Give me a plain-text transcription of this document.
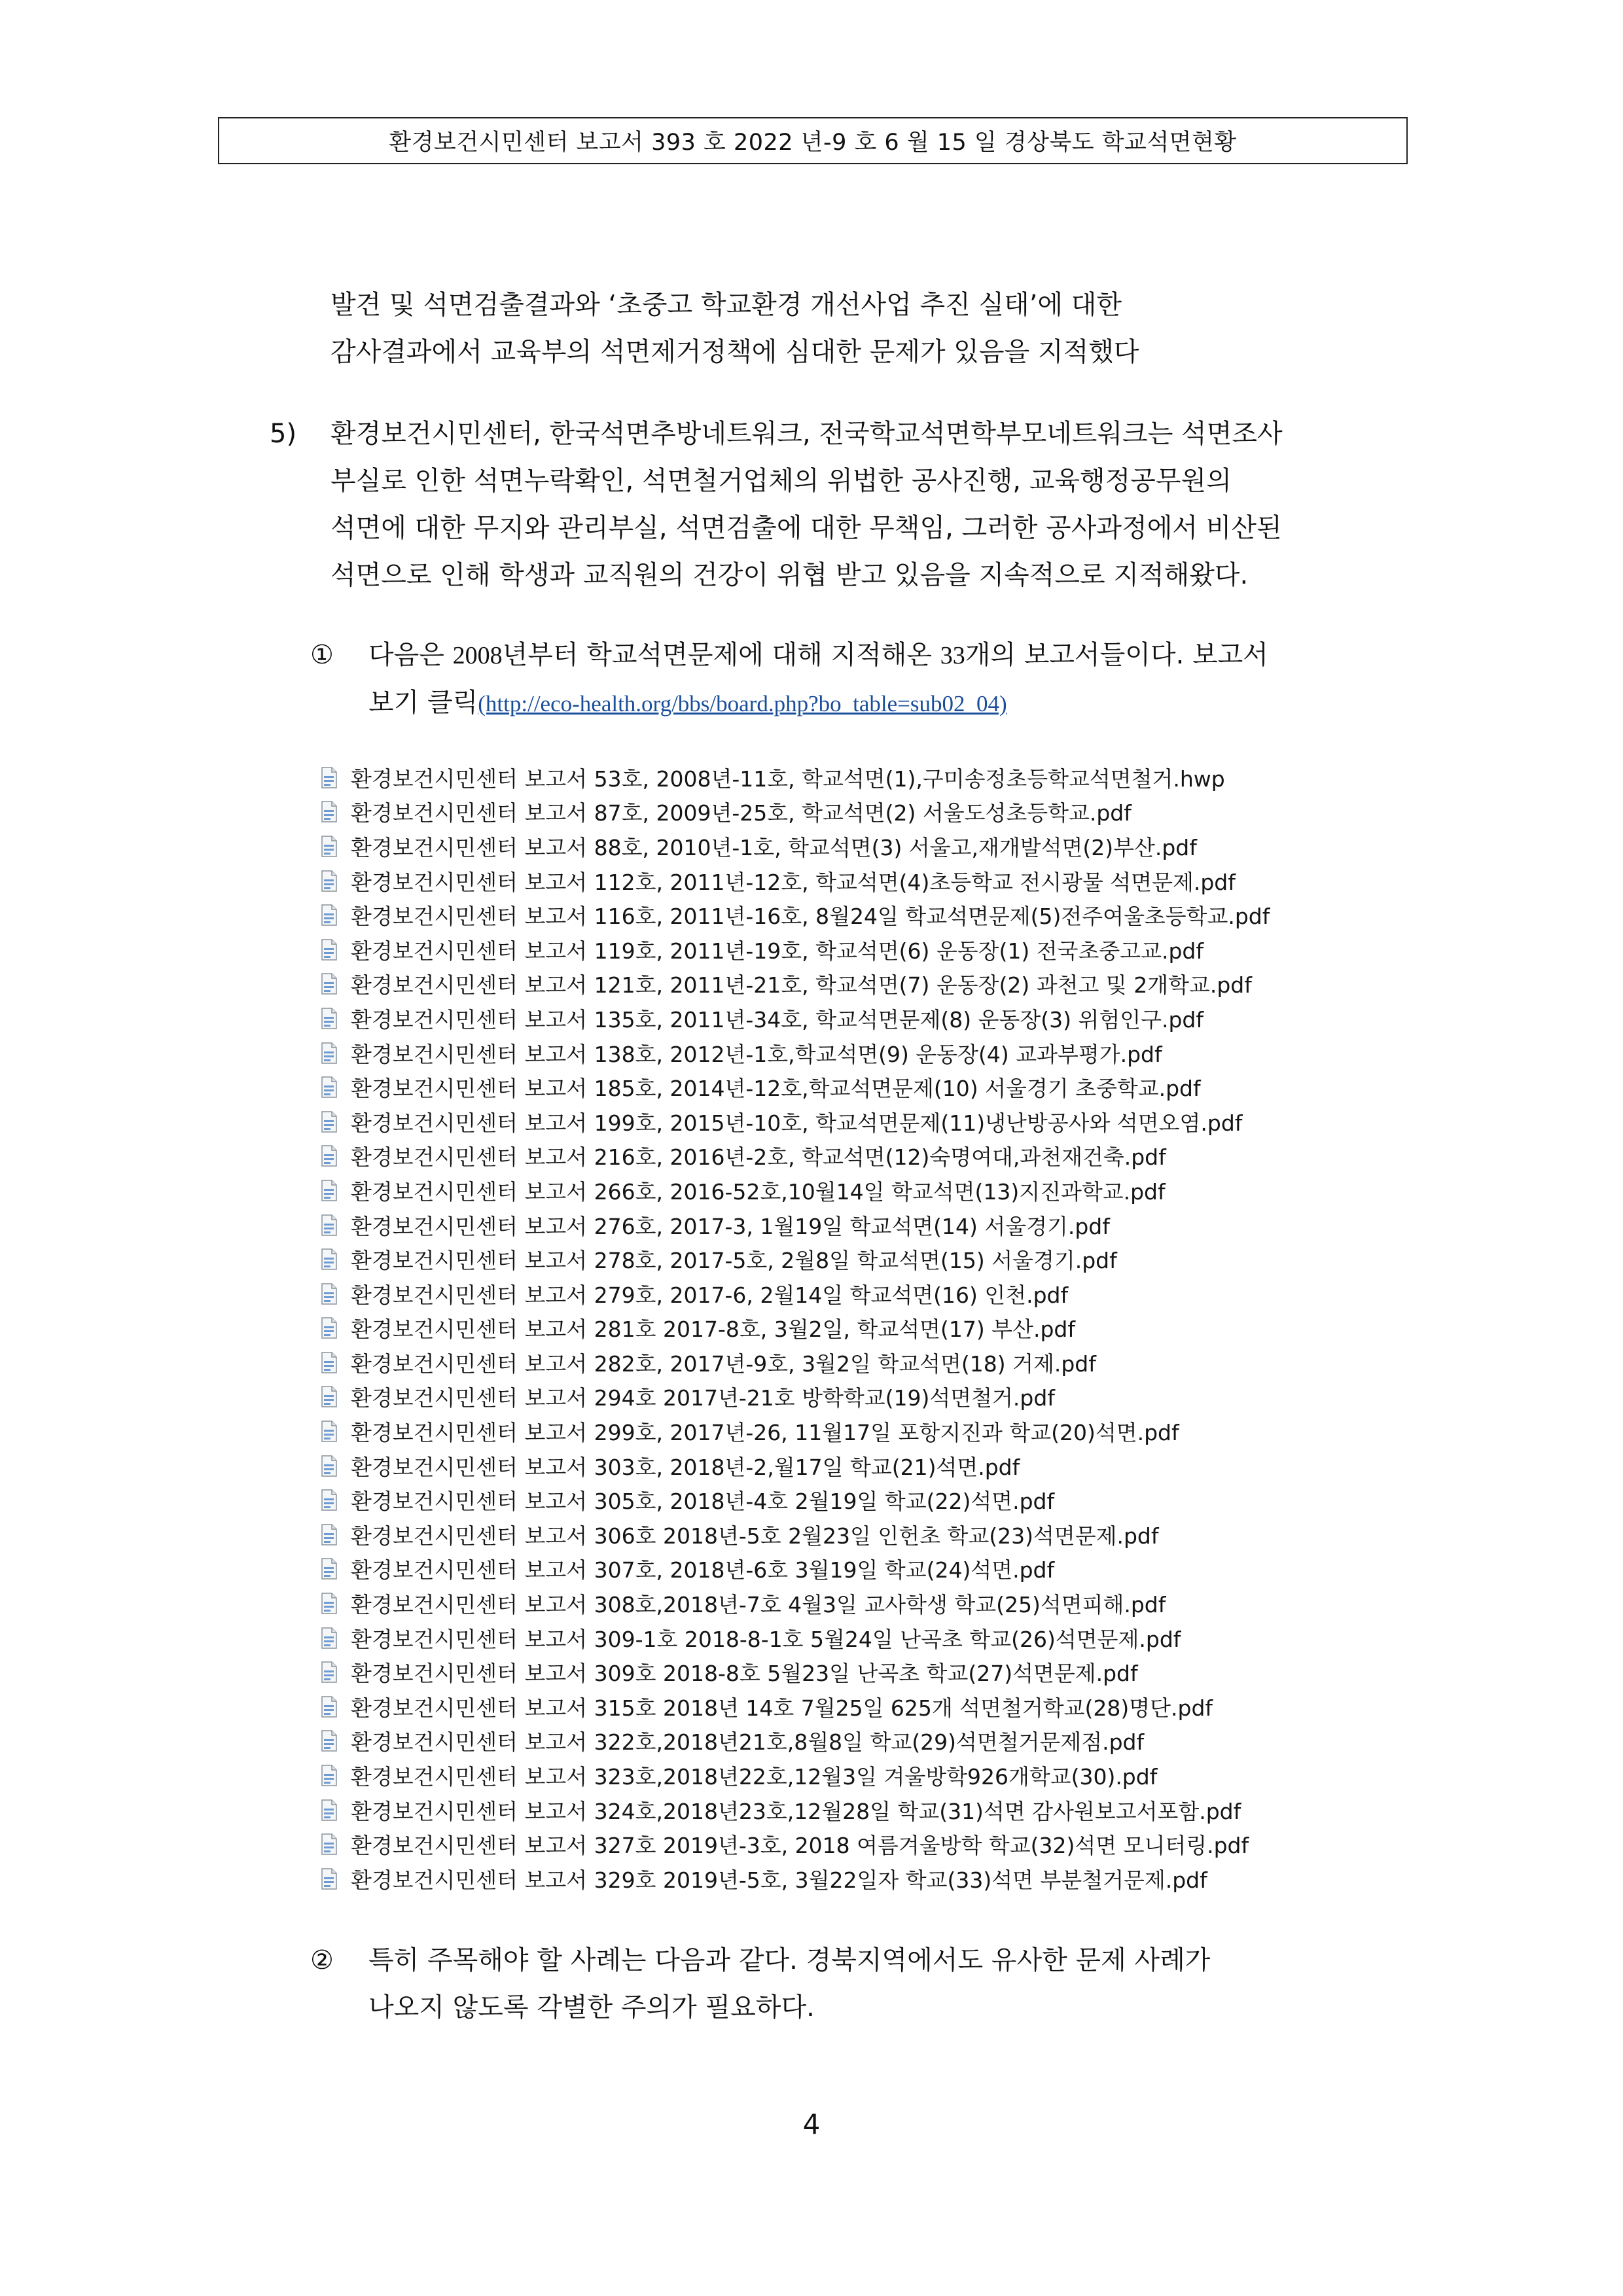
환경보건시민센터 보고서 393 호 2022 년-9 호 6 월 15 일 경상북도 학교석면현황
발견 및 석면검출결과와 ‘초중고 학교환경 개선사업 추진 실태’에 대한
감사결과에서 교육부의 석면제거정책에 심대한 문제가 있음을 지적했다
5) 환경보건시민센터, 한국석면추방네트워크, 전국학교석면학부모네트워크는 석면조사
부실로 인한 석면누락확인, 석면철거업체의 위법한 공사진행, 교육행정공무원의
석면에 대한 무지와 관리부실, 석면검출에 대한 무책임, 그러한 공사과정에서 비산된
석면으로 인해 학생과 교직원의 건강이 위협 받고 있음을 지속적으로 지적해왔다.
① 다음은 2008년부터 학교석면문제에 대해 지적해온 33개의 보고서들이다. 보고서
보기 클릭(http://eco-health.org/bbs/board.php?bo_table=sub02_04)
환경보건시민센터 보고서 53호, 2008년-11호, 학교석면(1),구미송정초등학교석면철거.hwp
환경보건시민센터 보고서 87호, 2009년-25호, 학교석면(2) 서울도성초등학교.pdf
환경보건시민센터 보고서 88호, 2010년-1호, 학교석면(3) 서울고,재개발석면(2)부산.pdf
환경보건시민센터 보고서 112호, 2011년-12호, 학교석면(4)초등학교 전시광물 석면문제.pdf
환경보건시민센터 보고서 116호, 2011년-16호, 8월24일 학교석면문제(5)전주여울초등학교.pdf
환경보건시민센터 보고서 119호, 2011년-19호, 학교석면(6) 운동장(1) 전국초중고교.pdf
환경보건시민센터 보고서 121호, 2011년-21호, 학교석면(7) 운동장(2) 과천고 및 2개학교.pdf
환경보건시민센터 보고서 135호, 2011년-34호, 학교석면문제(8) 운동장(3) 위험인구.pdf
환경보건시민센터 보고서 138호, 2012년-1호,학교석면(9) 운동장(4) 교과부평가.pdf
환경보건시민센터 보고서 185호, 2014년-12호,학교석면문제(10) 서울경기 초중학교.pdf
환경보건시민센터 보고서 199호, 2015년-10호, 학교석면문제(11)냉난방공사와 석면오염.pdf
환경보건시민센터 보고서 216호, 2016년-2호, 학교석면(12)숙명여대,과천재건축.pdf
환경보건시민센터 보고서 266호, 2016-52호,10월14일 학교석면(13)지진과학교.pdf
환경보건시민센터 보고서 276호, 2017-3, 1월19일 학교석면(14) 서울경기.pdf
환경보건시민센터 보고서 278호, 2017-5호, 2월8일 학교석면(15) 서울경기.pdf
환경보건시민센터 보고서 279호, 2017-6, 2월14일 학교석면(16) 인천.pdf
환경보건시민센터 보고서 281호 2017-8호, 3월2일, 학교석면(17) 부산.pdf
환경보건시민센터 보고서 282호, 2017년-9호, 3월2일 학교석면(18) 거제.pdf
환경보건시민센터 보고서 294호 2017년-21호 방학학교(19)석면철거.pdf
환경보건시민센터 보고서 299호, 2017년-26, 11월17일 포항지진과 학교(20)석면.pdf
환경보건시민센터 보고서 303호, 2018년-2,월17일 학교(21)석면.pdf
환경보건시민센터 보고서 305호, 2018년-4호 2월19일 학교(22)석면.pdf
환경보건시민센터 보고서 306호 2018년-5호 2월23일 인헌초 학교(23)석면문제.pdf
환경보건시민센터 보고서 307호, 2018년-6호 3월19일 학교(24)석면.pdf
환경보건시민센터 보고서 308호,2018년-7호 4월3일 교사학생 학교(25)석면피해.pdf
환경보건시민센터 보고서 309-1호 2018-8-1호 5월24일 난곡초 학교(26)석면문제.pdf
환경보건시민센터 보고서 309호 2018-8호 5월23일 난곡초 학교(27)석면문제.pdf
환경보건시민센터 보고서 315호 2018년 14호 7월25일 625개 석면철거학교(28)명단.pdf
환경보건시민센터 보고서 322호,2018년21호,8월8일 학교(29)석면철거문제점.pdf
환경보건시민센터 보고서 323호,2018년22호,12월3일 겨울방학926개학교(30).pdf
환경보건시민센터 보고서 324호,2018년23호,12월28일 학교(31)석면 감사원보고서포함.pdf
환경보건시민센터 보고서 327호 2019년-3호, 2018 여름겨울방학 학교(32)석면 모니터링.pdf
환경보건시민센터 보고서 329호 2019년-5호, 3월22일자 학교(33)석면 부분철거문제.pdf
② 특히 주목해야 할 사례는 다음과 같다. 경북지역에서도 유사한 문제 사례가
나오지 않도록 각별한 주의가 필요하다.
4
